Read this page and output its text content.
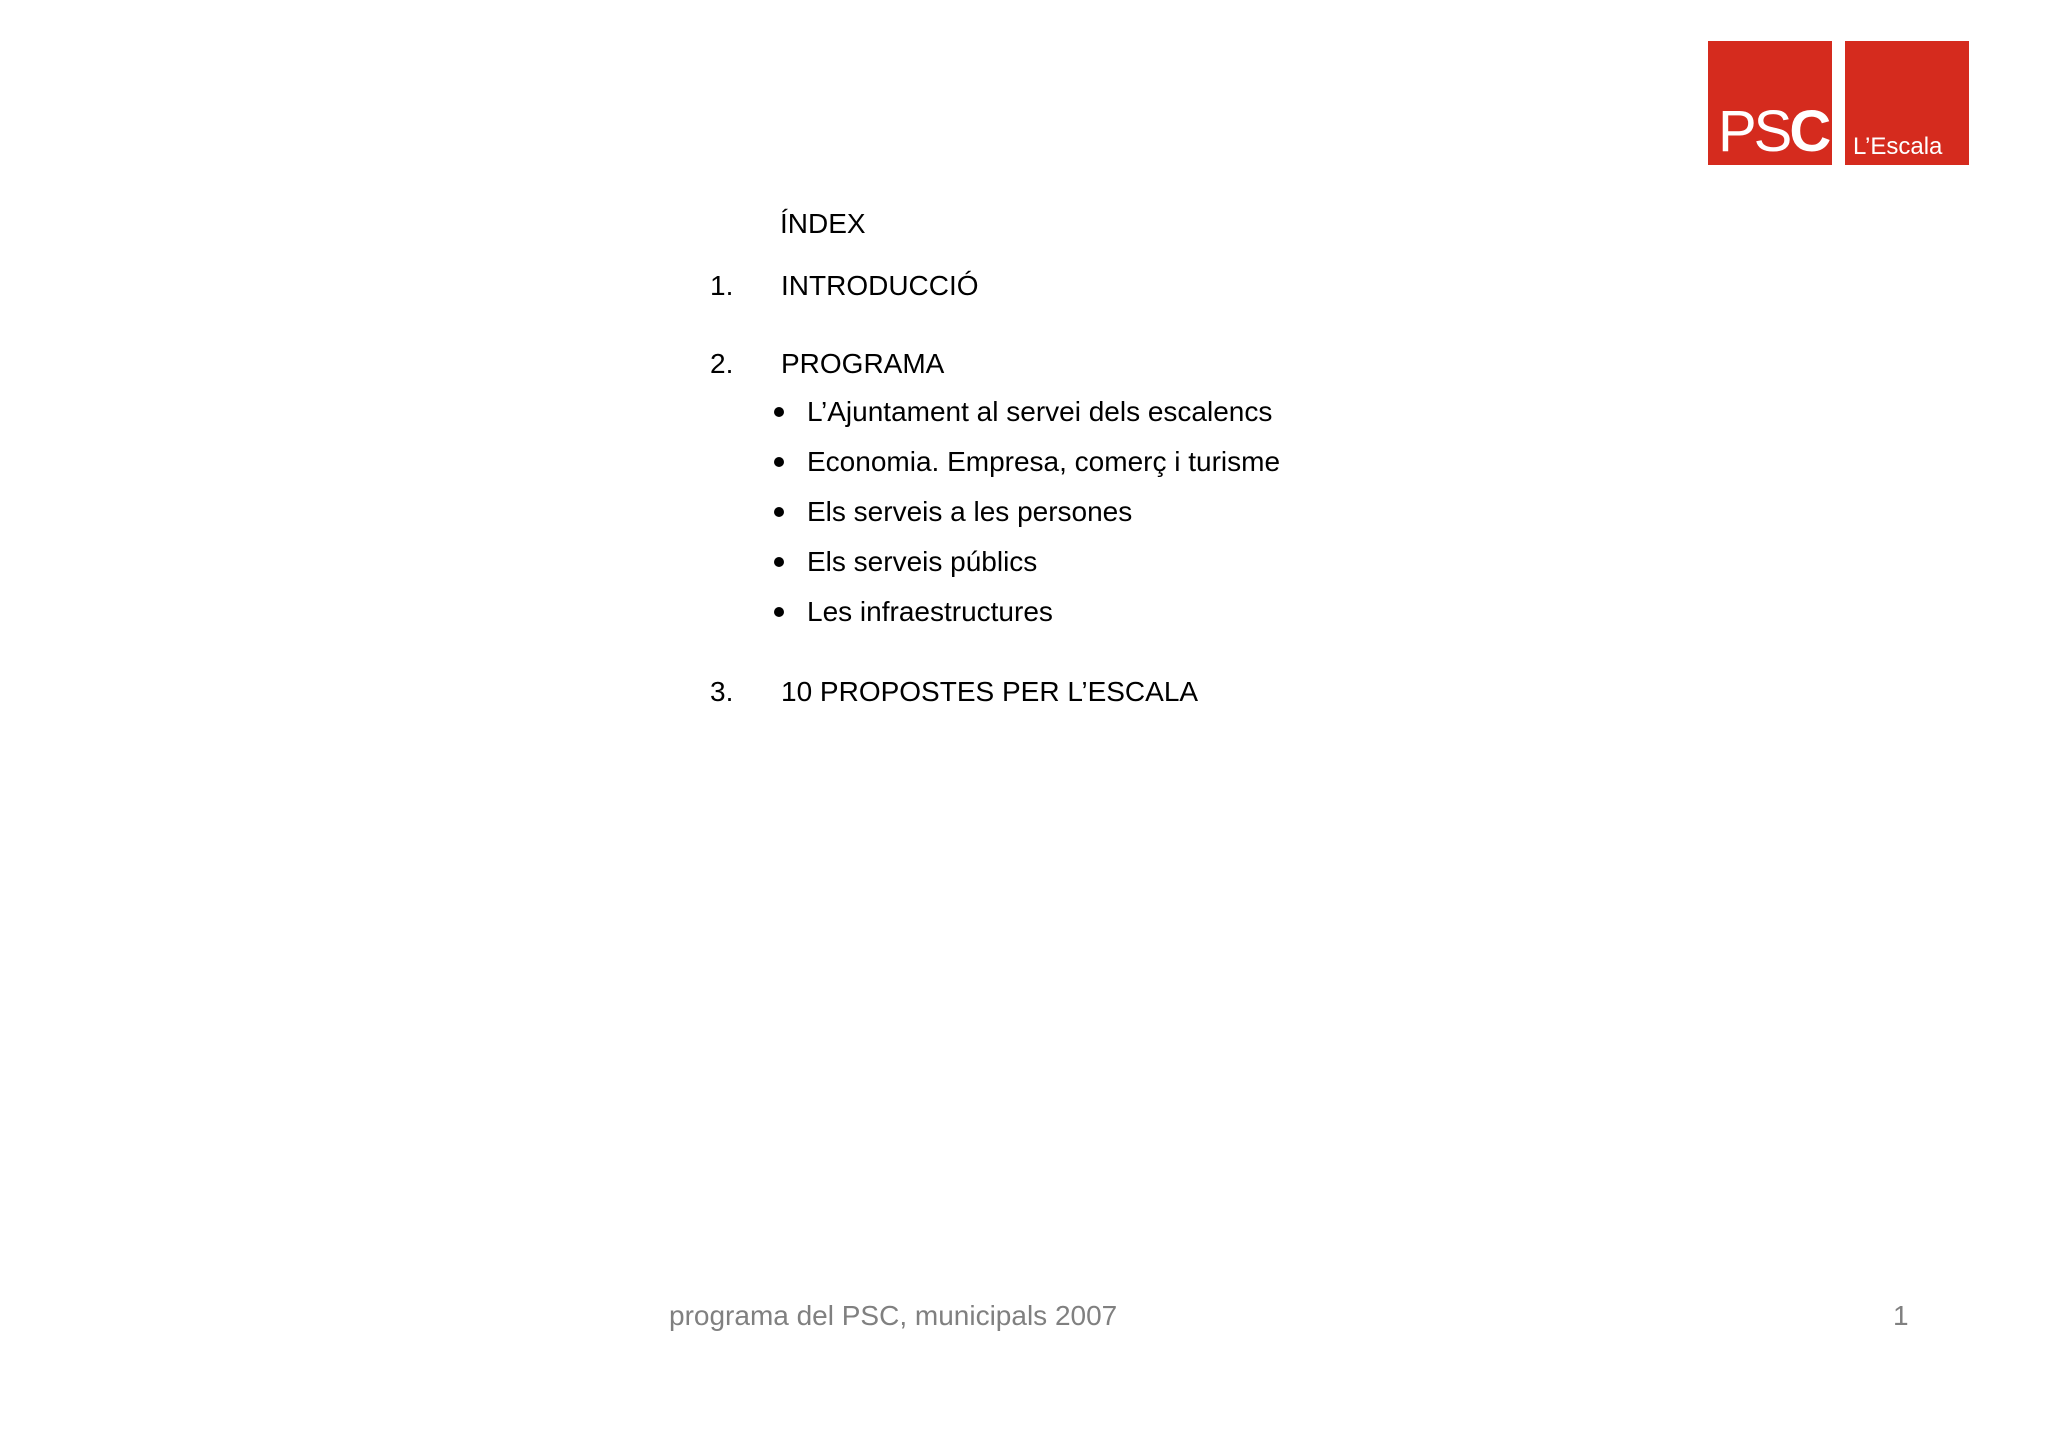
PSC L’Escala
ÍNDEX
1.	INTRODUCCIÓ
2.	PROGRAMA
L’Ajuntament al servei dels escalencs
Economia. Empresa, comerç i turisme
Els serveis a les persones
Els serveis públics
Les infraestructures
3.	10 PROPOSTES PER L’ESCALA
programa del PSC, municipals 2007	1
